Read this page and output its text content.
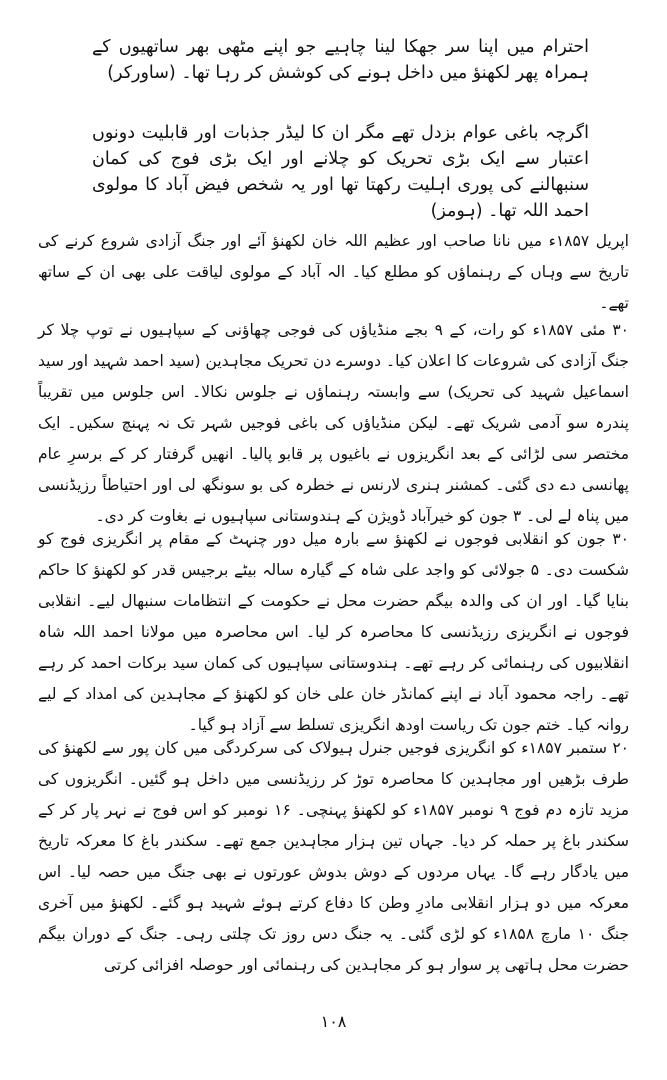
احترام میں اپنا سر جھکا لینا چاہیے جو اپنے مٹھی بھر ساتھیوں کے ہمراہ پھر لکھنؤ میں داخل ہونے کی کوشش کر رہا تھا۔ (ساورکر)

اگرچہ باغی عوام بزدل تھے مگر ان کا لیڈر جذبات اور قابلیت دونوں اعتبار سے ایک بڑی تحریک کو چلانے اور ایک بڑی فوج کی کمان سنبھالنے کی پوری اہلیت رکھتا تھا اور یہ شخص فیض آباد کا مولوی احمد اللہ تھا۔ (ہومز)

اپریل ۱۸۵۷ء میں نانا صاحب اور عظیم اللہ خان لکھنؤ آئے اور جنگ آزادی شروع کرنے کی تاریخ سے وہاں کے رہنماؤں کو مطلع کیا۔ الہ آباد کے مولوی لیاقت علی بھی ان کے ساتھ تھے۔

۳۰ مئی ۱۸۵۷ء کو رات، کے ۹ بجے منڈیاؤں کی فوجی چھاؤنی کے سپاہیوں نے توپ چلا کر جنگ آزادی کی شروعات کا اعلان کیا۔ دوسرے دن تحریک مجاہدین (سید احمد شہید اور سید اسماعیل شہید کی تحریک) سے وابستہ رہنماؤں نے جلوس نکالا۔ اس جلوس میں تقریباً پندرہ سو آدمی شریک تھے۔ لیکن منڈیاؤں کی باغی فوجیں شہر تک نہ پہنچ سکیں۔ ایک مختصر سی لڑائی کے بعد انگریزوں نے باغیوں پر قابو پالیا۔ انھیں گرفتار کر کے برسرِ عام پھانسی دے دی گئی۔ کمشنر ہنری لارنس نے خطرہ کی بو سونگھ لی اور احتیاطاً رزیڈنسی میں پناہ لے لی۔ ۳ جون کو خیرآباد ڈویژن کے ہندوستانی سپاہیوں نے بغاوت کر دی۔

۳۰ جون کو انقلابی فوجوں نے لکھنؤ سے بارہ میل دور چنہٹ کے مقام پر انگریزی فوج کو شکست دی۔ ۵ جولائی کو واجد علی شاہ کے گیارہ سالہ بیٹے برجیس قدر کو لکھنؤ کا حاکم بنایا گیا۔ اور ان کی والدہ بیگم حضرت محل نے حکومت کے انتظامات سنبھال لیے۔ انقلابی فوجوں نے انگریزی رزیڈنسی کا محاصرہ کر لیا۔ اس محاصرہ میں مولانا احمد اللہ شاہ انقلابیوں کی رہنمائی کر رہے تھے۔ ہندوستانی سپاہیوں کی کمان سید برکات احمد کر رہے تھے۔ راجہ محمود آباد نے اپنے کمانڈر خان علی خان کو لکھنؤ کے مجاہدین کی امداد کے لیے روانہ کیا۔ ختم جون تک ریاست اودھ انگریزی تسلط سے آزاد ہو گیا۔

۲۰ ستمبر ۱۸۵۷ء کو انگریزی فوجیں جنرل ہیولاک کی سرکردگی میں کان پور سے لکھنؤ کی طرف بڑھیں اور مجاہدین کا محاصرہ توڑ کر رزیڈنسی میں داخل ہو گئیں۔ انگریزوں کی مزید تازہ دم فوج ۹ نومبر ۱۸۵۷ء کو لکھنؤ پہنچی۔ ۱۶ نومبر کو اس فوج نے نہر پار کر کے سکندر باغ پر حملہ کر دیا۔ جہاں تین ہزار مجاہدین جمع تھے۔ سکندر باغ کا معرکہ تاریخ میں یادگار رہے گا۔ یہاں مردوں کے دوش بدوش عورتوں نے بھی جنگ میں حصہ لیا۔ اس معرکہ میں دو ہزار انقلابی مادرِ وطن کا دفاع کرتے ہوئے شہید ہو گئے۔ لکھنؤ میں آخری جنگ ۱۰ مارچ ۱۸۵۸ء کو لڑی گئی۔ یہ جنگ دس روز تک چلتی رہی۔ جنگ کے دوران بیگم حضرت محل ہاتھی پر سوار ہو کر مجاہدین کی رہنمائی اور حوصلہ افزائی کرتی

۱۰۸
